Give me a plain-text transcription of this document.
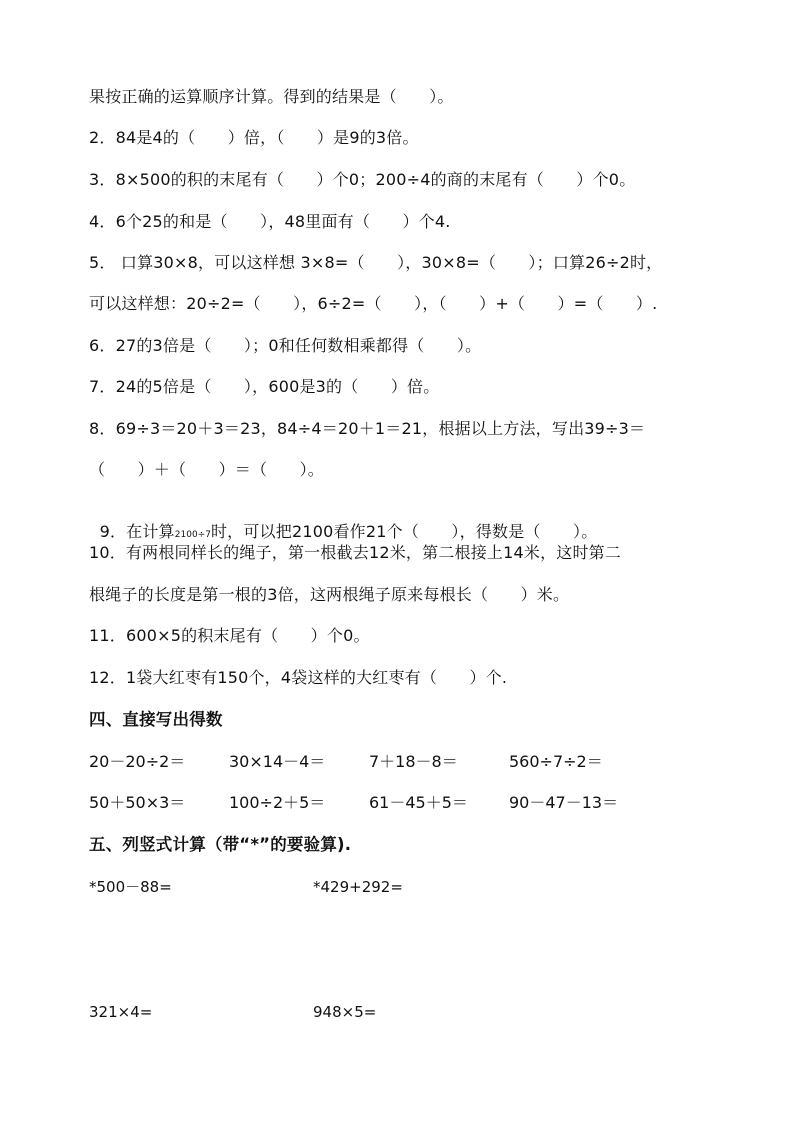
果按正确的运算顺序计算。得到的结果是（　　）。
2．84是4的（　　）倍，（　　）是9的3倍。
3．8×500的积的末尾有（　　）个0；200÷4的商的末尾有（　　）个0。
4．6个25的和是（　　），48里面有（　　）个4.
5． 口算30×8，可以这样想 3×8=（　　），30×8=（　　）；口算26÷2时，
可以这样想：20÷2=（　　），6÷2=（　　），（　　）+（　　）=（　　）.
6．27的3倍是（　　）；0和任何数相乘都得（　　）。
7．24的5倍是（　　），600是3的（　　）倍。
8．69÷3＝20＋3＝23，84÷4＝20＋1＝21，根据以上方法，写出39÷3＝
（　　）＋（　　）＝（　　）。

9．在计算2100÷7时，可以把2100看作21个（　　），得数是（　　）。

10．有两根同样长的绳子，第一根截去12米，第二根接上14米，这时第二
根绳子的长度是第一根的3倍，这两根绳子原来每根长（　　）米。
11．600×5的积末尾有（　　）个0。
12．1袋大红枣有150个，4袋这样的大红枣有（　　）个.
四、直接写出得数
20－20÷2＝	30×14－4＝	7＋18－8＝	560÷7÷2＝
50＋50×3＝	100÷2＋5＝	61－45＋5＝	90－47－13＝
五、列竖式计算（带“*”的要验算).
*500－88=	*429+292=
321×4=	948×5=
